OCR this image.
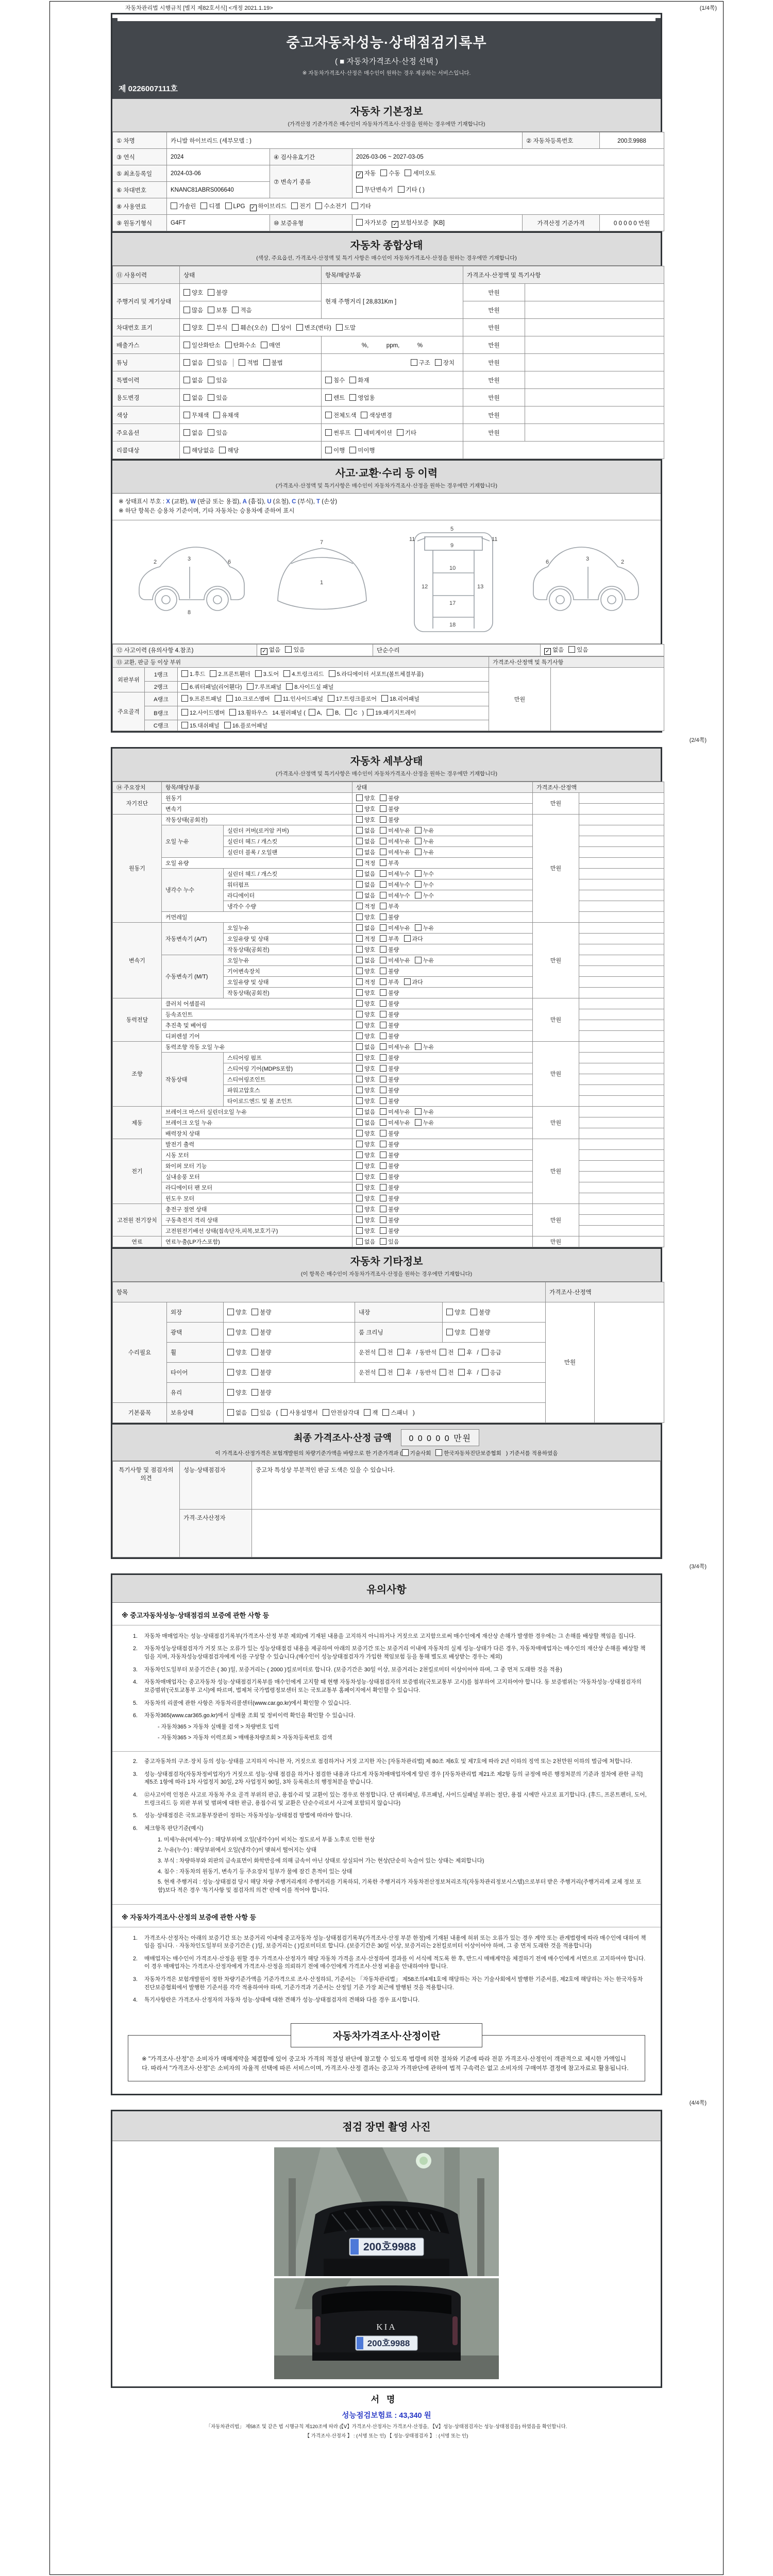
자동차관리법 시행규칙 [별지 제82호서식] <개정 2021.1.19>	(1/4쪽)
중고자동차성능·상태점검기록부
( ■ 자동차가격조사·산정 선택 )
※ 자동차가격조사·산정은 매수인이 원하는 경우 제공하는 서비스입니다.
제 0226007111호
자동차 기본정보
(가격산정 기준가격은 매수인이 자동차가격조사·산정을 원하는 경우에만 기재합니다)
① 차명	카니발 하이브리드 (세부모델 : )			② 자동차등록번호	200호9988
③ 연식	2024	④ 검사유효기간	2026-03-06 ~ 2027-03-05		
⑤ 최초등록일	2024-03-06	⑦ 변속기 종류	✓ 자동 수동 세미오토		
⑥ 차대번호	KNANC81ABRS006640		무단변속기 기타 ( )		
⑧ 사용연료	가솔린 디젤 LPG ✓ 하이브리드 전기 수소전기 기타				
⑨ 원동기형식	G4FT	⑩ 보증유형	자가보증 ✓ 보험사보증 [KB]	가격산정 기준가격	0 0 0 0 0 만원
자동차 종합상태
(색상, 주요옵션, 가격조사·산정액 및 특기 사항은 매수인이 자동차가격조사·산정을 원하는 경우에만 기재합니다)
⑪ 사용이력	상태	항목/해당부품	가격조사·산정액 및 특기사항	
주행거리 및 계기상태	양호 불량	현재 주행거리 [ 28,831Km ]	만원	
	많음 보통 적음		만원	
차대번호 표기	양호 부식 훼손(오손) 상이 변조(변타) 도말		만원	
배출가스	일산화탄소 탄화수소 매연	%,　　　ppm,　　　%	만원	
튜닝	없음 있음 적법 불법	구조 장치	만원	
특별이력	없음 있음	침수 화재	만원	
용도변경	없음 있음	렌트 영업용	만원	
색상	무채색 유채색	전체도색 색상변경	만원	
주요옵션	없음 있음	썬루프 네비게이션 기타	만원	
리콜대상	해당없음 해당	이행 미이행		
사고·교환·수리 등 이력
(가격조사·산정액 및 특기사항은 매수인이 자동차가격조사·산정을 원하는 경우에만 기재합니다)
※ 상태표시 부호 : X (교환), W (판금 또는 용접), A (흠집), U (요철), C (부식), T (손상)
※ 하단 항목은 승용차 기준이며, 기타 자동차는 승용차에 준하여 표시
2	3	6
8
7
1
5
11	11
9
10
12	13
17
18
2
3
6
⑫ 사고이력 (유의사항 4.참조)	✓ 없음 있음	단순수리	✓ 없음 있음
⑬ 교환, 판금 등 이상 부위			가격조사·산정액 및 특기사항	
외판부위	1랭크	1.후드 2.프론트휀더 3.도어 4.트렁크리드 5.라디에이터 서포트(볼트체결부품)	만원	
	2랭크	6.쿼터패널(리어휀다) 7.루프패널 8.사이드실 패널		
주요골격	A랭크	9.프론트패널 10.크로스멤버 11.인사이드패널 17.트렁크플로어 18.리어패널		
	B랭크	12.사이드멤버 13.휠하우스 14.필러패널 ( A, B, C ) 19.패키지트레이		
	C랭크	15.대쉬패널 16.플로어패널		
(2/4쪽)
자동차 세부상태
(가격조사·산정액 및 특기사항은 매수인이 자동차가격조사·산정을 원하는 경우에만 기재합니다)
⑭ 주요장치	항목/해당부품		상태	가격조사·산정액	
자기진단	원동기		양호 불량	만원	
	변속기		양호 불량		
원동기	작동상태(공회전)		양호 불량	만원	
	오일 누유	실린더 커버(로커암 커버)	없음 미세누유 누유		
		실린더 헤드 / 개스킷	없음 미세누유 누유		
		실린더 블록 / 오일팬	없음 미세누유 누유		
	오일 유량		적정 부족		
	냉각수 누수	실린더 헤드 / 개스킷	없음 미세누수 누수		
		워터펌프	없음 미세누수 누수		
		라디에이터	없음 미세누수 누수		
		냉각수 수량	적정 부족		
	커먼레일		양호 불량		
변속기	자동변속기 (A/T)	오일누유	없음 미세누유 누유	만원	
		오일유량 및 상태	적정 부족 과다		
		작동상태(공회전)	양호 불량		
	수동변속기 (M/T)	오일누유	없음 미세누유 누유		
		기어변속장치	양호 불량		
		오일유량 및 상태	적정 부족 과다		
		작동상태(공회전)	양호 불량		
동력전달	클러치 어셈블리		양호 불량	만원	
	등속죠인트		양호 불량		
	추진축 및 베어링		양호 불량		
	디퍼렌셜 기어		양호 불량		
조향	동력조향 작동 오일 누유		없음 미세누유 누유	만원	
	작동상태	스티어링 펌프	양호 불량		
		스티어링 기어(MDPS포함)	양호 불량		
		스티어링조인트	양호 불량		
		파워고압호스	양호 불량		
		타이로드엔드 및 볼 조인트	양호 불량		
제동	브레이크 마스터 실린더오일 누유		없음 미세누유 누유	만원	
	브레이크 오일 누유		없음 미세누유 누유		
	배력장치 상태		양호 불량		
전기	발전기 출력		양호 불량	만원	
	시동 모터		양호 불량		
	와이퍼 모터 기능		양호 불량		
	실내송풍 모터		양호 불량		
	라디에이터 팬 모터		양호 불량		
	윈도우 모터		양호 불량		
고전원 전기장치	충전구 절연 상태		양호 불량	만원	
	구동축전지 격리 상태		양호 불량		
	고전원전기배선 상태(접속단자,피복,보호기구)		양호 불량		
연료	연료누출(LP가스포함)		없음 있음	만원	
자동차 기타정보
(이 항목은 매수인이 자동차가격조사·산정을 원하는 경우에만 기재합니다)
항목					가격조사·산정액	
수리필요	외장	양호 불량	내장	양호 불량	만원	
	광택	양호 불량	룸 크리닝	양호 불량		
	휠	양호 불량	운전석 전 후 / 동반석 전 후 / 응급			
	타이어	양호 불량	운전석 전 후 / 동반석 전 후 / 응급			
	유리	양호 불량				
기본품목	보유상태	없음 있음 ( 사용설명서 안전삼각대 잭 스패너 )				
최종 가격조사·산정 금액 0 0 0 0 0 만원
이 가격조사·산정가격은 보험개발원의 차량기준가액을 바탕으로 한 기준가격과 ( 기술사회 한국자동차진단보증협회 ) 기준서를 적용하였음
특기사항 및 점검자의 의견	성능·상태점검자	중고차 특성상 부분적인 판금 도색은 있을 수 있습니다.
	가격·조사산정자	
(3/4쪽)
유의사항
※ 중고자동차성능·상태점검의 보증에 관한 사항 등
1.	자동차 매매업자는 성능·상태점검기록부(가격조사·산정 부분 제외)에 기재된 내용을 고지하지 아니하거나 거짓으로 고지함으로써 매수인에게 재산상 손해가 발생한 경우에는 그 손해를 배상할 책임을 집니다.
2.	자동차성능상태점검자가 거짓 또는 오류가 있는 성능상태점검 내용을 제공하여 아래의 보증기간 또는 보증거리 이내에 자동차의 실제 성능·상태가 다른 경우, 자동차매매업자는 매수인의 재산상 손해를 배상할 책임을 지며, 자동차성능상태점검자에게 이를 구상할 수 있습니다.(매수인이 성능상태점검자가 가입한 책임보험 등을 통해 별도로 배상받는 경우는 제외)
3.	자동차인도일부터 보증기간은 ( 30 )일, 보증거리는 ( 2000 )킬로미터로 합니다. (보증기간은 30일 이상, 보증거리는 2천킬로미터 이상이어야 하며, 그 중 먼저 도래한 것을 적용)
4.	자동차매매업자는 중고자동차 성능·상태점검기록부를 매수인에게 고지할 때 현행 자동차성능·상태점검자의 보증범위(국토교통부 고시)를 첨부하여 고지하여야 합니다. 동 보증범위는 '자동차성능·상태점검자의 보증범위'(국토교통부 고시)에 따르며, 법제처 국가법령정보센터 또는 국토교통부 홈페이지에서 확인할 수 있습니다.
5.	자동차의 리콜에 관한 사항은 자동차리콜센터(www.car.go.kr)에서 확인할 수 있습니다.
6.	자동차365(www.car365.go.kr)에서 실매물 조회 및 정비이력 확인을 확인할 수 있습니다.
- 자동차365 > 자동차 실매물 검색 > 차량번호 입력
- 자동차365 > 자동차 이력조회 > 매매용차량조회 > 자동차등록번호 검색
2.	중고자동차의 구조·장치 등의 성능·상태를 고지하지 아니한 자, 거짓으로 점검하거나 거짓 고지한 자는 [자동차관리법] 제 80조 제6호 및 제7호에 따라 2년 이하의 징역 또는 2천만원 이하의 벌금에 처합니다.
3.	성능·상태점검자(자동차정비업자)가 거짓으로 성능·상태 점검을 하거나 점검한 내용과 다르게 자동차매매업자에게 알린 경우 [자동차관리법 제21조 제2항 등의 규정에 따른 행정처분의 기준과 절차에 관한 규칙] 제5조 1항에 따라 1차 사업정지 30일, 2차 사업정지 90일, 3차 등록취소의 행정처분을 받습니다.
4.	⑫사고이력 인정은 사고로 자동차 주요 골격 부위의 판금, 용접수리 및 교환이 있는 경우로 한정합니다. 단 쿼터패널, 루프패널, 사이드실패널 부위는 절단, 용접 시에만 사고로 표기합니다. (후드, 프론트펜더, 도어, 트렁크리드 등 외판 부위 및 범퍼에 대한 판금, 용접수리 및 교환은 단순수리로서 사고에 포함되지 않습니다)
5.	성능·상태점검은 국토교통부장관이 정하는 자동차성능·상태점검 방법에 따라야 합니다.
6.	체크항목 판단기준(예시)
1. 미세누유(미세누수) : 해당부위에 오일(냉각수)이 비치는 정도로서 부품 노후로 인한 현상
2. 누유(누수) : 해당부위에서 오일(냉각수)이 맺혀서 떨어지는 상태
3. 부식 : 차량하부와 외판의 금속표면이 화학반응에 의해 금속이 아닌 상태로 상실되어 가는 현상(단순히 녹슬어 있는 상태는 제외합니다)
4. 침수 : 자동차의 원동기, 변속기 등 주요장치 일부가 물에 잠긴 흔적이 있는 상태
5. 현재 주행거리 : 성능·상태점검 당시 해당 차량 주행거리계의 주행거리를 기록하되, 기록한 주행거리가 자동차전산정보처리조직(자동차관리정보시스템)으로부터 받은 주행거리(주행거리계 교체 정보 포함)보다 적은 경우 '특기사항 및 점검자의 의견' 란에 이를 적어야 합니다.
※ 자동차가격조사·산정의 보증에 관한 사항 등
1.	가격조사·산정자는 아래의 보증기간 또는 보증거리 이내에 중고자동차 성능·상태점검기록부(가격조사·산정 부분 한정)에 기재된 내용에 허위 또는 오류가 있는 경우 계약 또는 관계법령에 따라 매수인에 대하여 책임을 집니다. · 자동차인도일부터 보증기간은 ( )일, 보증거리는 ( )킬로미터로 합니다. (보증기간은 30일 이상, 보증거리는 2천킬로미터 이상이어야 하며, 그 중 먼저 도래한 것을 적용합니다)
2.	매매업자는 매수인이 가격조사·산정을 원할 경우 가격조사·산정자가 해당 자동차 가격을 조사·산정하여 결과를 이 서식에 적도록 한 후, 반드시 매매계약을 체결하기 전에 매수인에게 서면으로 고지하여야 합니다. 이 경우 매매업자는 가격조사·산정자에게 가격조사·산정을 의뢰하기 전에 매수인에게 가격조사·산정 비용을 안내하여야 합니다.
3.	자동차가격은 보험개발원이 정한 차량기준가액을 기준가격으로 조사·산정하되, 기준서는 「자동차관리법」 제58조의4제1호에 해당하는 자는 기술사회에서 발행한 기준서를, 제2호에 해당하는 자는 한국자동차진단보증협회에서 발행한 기준서를 각각 적용하여야 하며, 기준가격과 기준서는 산정일 기준 가장 최근에 발행된 것을 적용합니다.
4.	특기사항란은 가격조사·산정자의 자동차 성능·상태에 대한 견해가 성능·상태점검자의 견해와 다를 경우 표시합니다.
자동차가격조사·산정이란
※ "가격조사·산정"은 소비자가 매매계약을 체결함에 있어 중고차 가격의 적절성 판단에 참고할 수 있도록 법령에 의한 절차와 기준에 따라 전문 가격조사·산정인이 객관적으로 제시한 가액입니다. 따라서 "가격조사·산정"은 소비자의 자율적 선택에 따른 서비스이며, 가격조사·산정 결과는 중고차 가격판단에 관하여 법적 구속력은 없고 소비자의 구매여부 결정에 참고자료로 활용됩니다.
(4/4쪽)
점검 장면 촬영 사진
200호9988
KIA
200호9988
서명
성능점검보험료 : 43,340 원
「자동차관리법」 제58조 및 같은 법 시행규칙 제120조에 따라 (【Ⅴ】가격조사·산정자는 가격조사·산정을, 【Ⅴ】성능·상태점검자는 성능·상태점검을) 하였음을 확인합니다.
【 가격조사·산정자 】 : (서명 또는 인) 【 성능·상태점검자 】 : (서명 또는 인)
